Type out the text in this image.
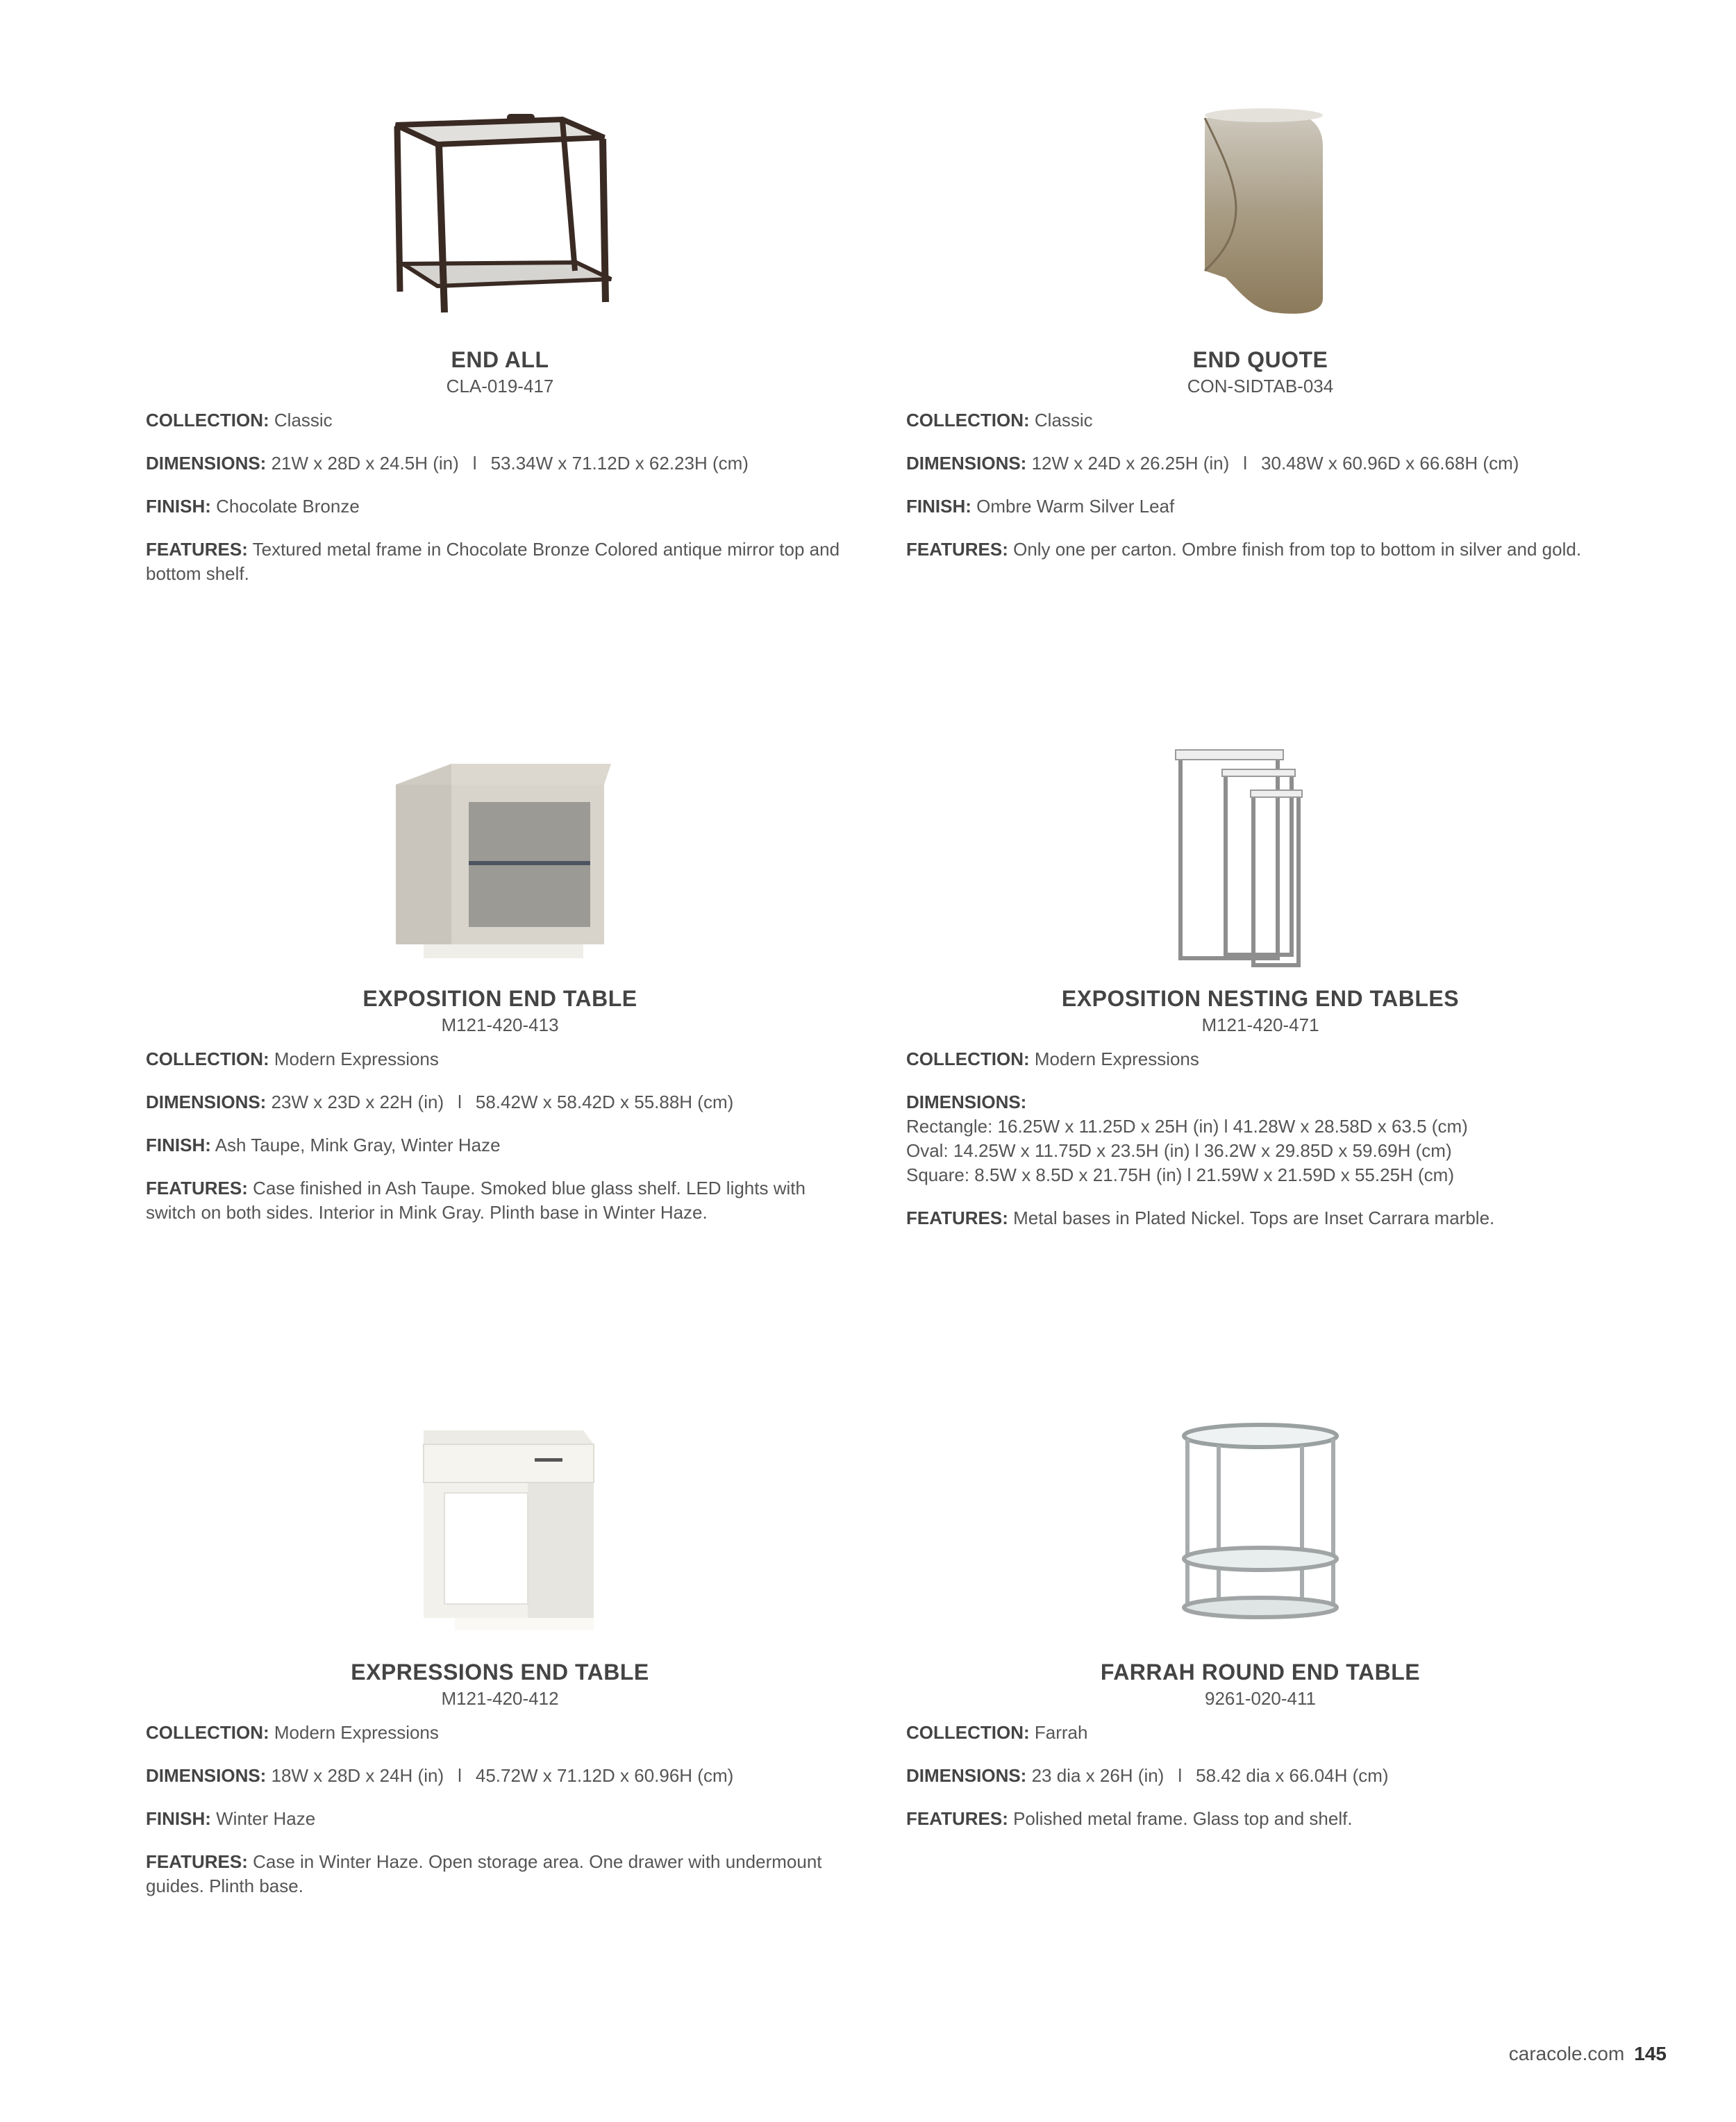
END ALL

CLA-019-417

COLLECTION: Classic

DIMENSIONS: 21W x 28D x 24.5H (in) l 53.34W x 71.12D x 62.23H (cm)

FINISH: Chocolate Bronze

FEATURES: Textured metal frame in Chocolate Bronze Colored antique mirror top and bottom shelf.

END QUOTE

CON-SIDTAB-034

COLLECTION: Classic

DIMENSIONS: 12W x 24D x 26.25H (in) l 30.48W x 60.96D x 66.68H (cm)

FINISH: Ombre Warm Silver Leaf

FEATURES: Only one per carton. Ombre finish from top to bottom in silver and gold.

EXPOSITION END TABLE

M121-420-413

COLLECTION: Modern Expressions

DIMENSIONS: 23W x 23D x 22H (in) l 58.42W x 58.42D x 55.88H (cm)

FINISH: Ash Taupe, Mink Gray, Winter Haze

FEATURES: Case finished in Ash Taupe. Smoked blue glass shelf. LED lights with switch on both sides. Interior in Mink Gray. Plinth base in Winter Haze.

EXPOSITION NESTING END TABLES

M121-420-471

COLLECTION: Modern Expressions

DIMENSIONS:
Rectangle: 16.25W x 11.25D x 25H (in) l 41.28W x 28.58D x 63.5 (cm)
Oval: 14.25W x 11.75D x 23.5H (in) l 36.2W x 29.85D x 59.69H (cm)
Square: 8.5W x 8.5D x 21.75H (in) l 21.59W x 21.59D x 55.25H (cm)

FEATURES: Metal bases in Plated Nickel. Tops are Inset Carrara marble.

EXPRESSIONS END TABLE

M121-420-412

COLLECTION: Modern Expressions

DIMENSIONS: 18W x 28D x 24H (in) l 45.72W x 71.12D x 60.96H (cm)

FINISH: Winter Haze

FEATURES: Case in Winter Haze. Open storage area. One drawer with undermount guides. Plinth base.

FARRAH ROUND END TABLE

9261-020-411

COLLECTION: Farrah

DIMENSIONS: 23 dia x 26H (in) l 58.42 dia x 66.04H (cm)

FEATURES: Polished metal frame. Glass top and shelf.

caracole.com 145
